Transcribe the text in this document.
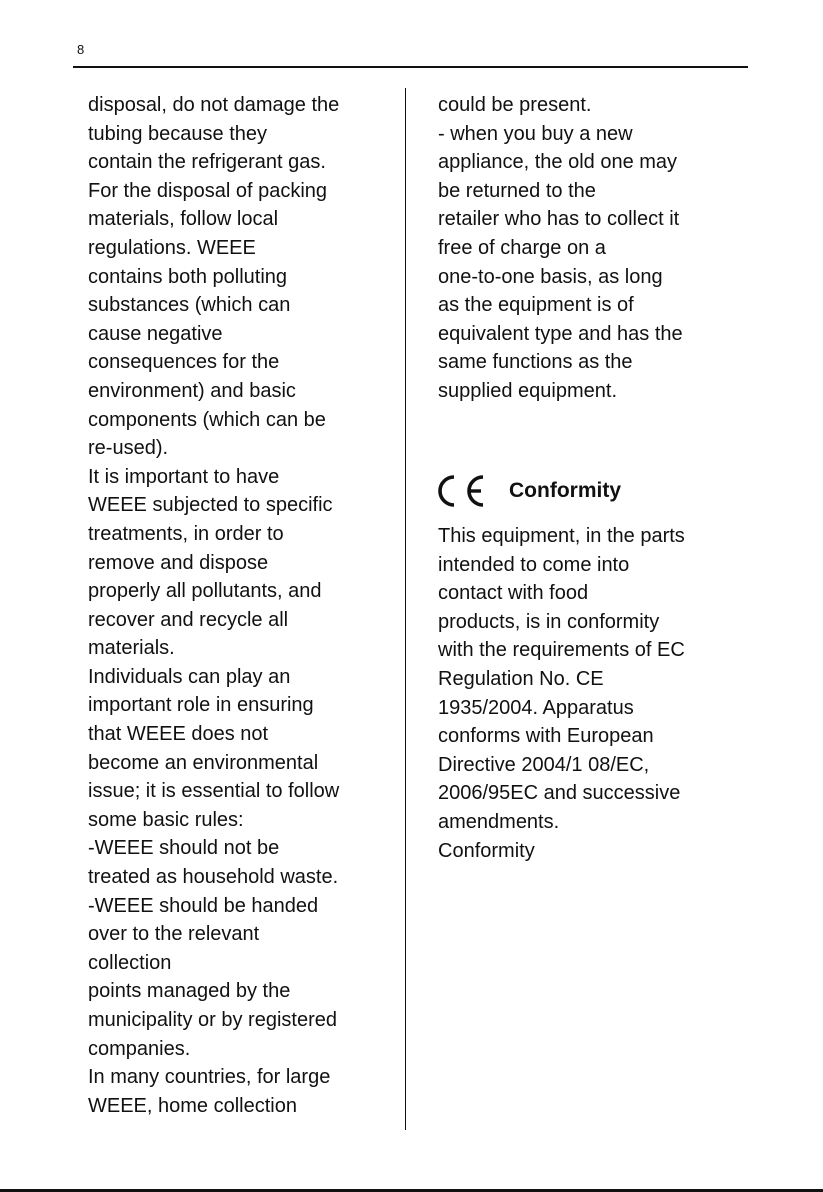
8
disposal, do not damage the
tubing because they
contain the refrigerant gas.
For the disposal of packing
materials, follow local
regulations. WEEE
contains both polluting
substances (which can
cause negative
consequences for the
environment) and basic
components (which can be
re-used).
It is important to have
WEEE subjected to specific
treatments, in order to
remove and dispose
properly all pollutants, and
recover and recycle all
materials.
Individuals can play an
important role in ensuring
that WEEE does not
become an environmental
issue; it is essential to follow
some basic rules:
-WEEE should not be
treated as household waste.
-WEEE should be handed
over to the relevant
collection
points managed by the
municipality or by registered
companies.
In many countries, for large
WEEE, home collection
could be present.
- when you buy a new
appliance, the old one may
be returned to the
retailer who has to collect it
free of charge on a
one-to-one basis, as long
as the equipment is of
equivalent type and has the
same functions as the
supplied equipment.
Conformity
This equipment, in the parts
intended to come into
contact with food
products, is in conformity
with the requirements of EC
Regulation No. CE
1935/2004. Apparatus
conforms with European
Directive 2004/1 08/EC,
2006/95EC and successive
amendments.
Conformity
